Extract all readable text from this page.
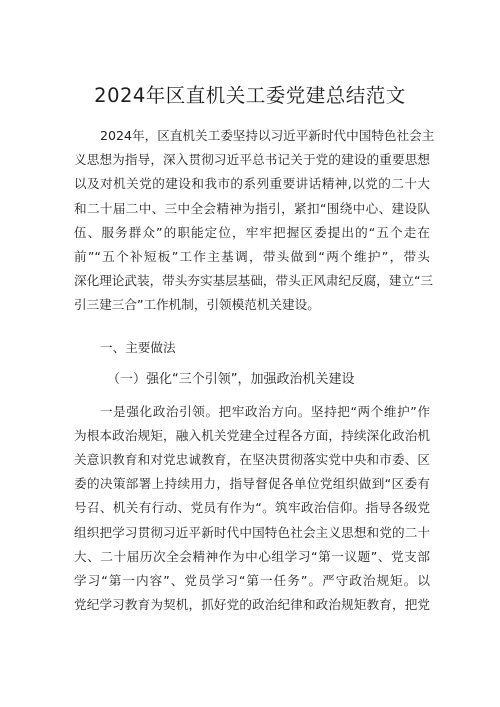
2024年区直机关工委党建总结范文
2024年，区直机关工委坚持以习近平新时代中国特色社会主
义思想为指导，深入贯彻习近平总书记关于党的建设的重要思想
以及对机关党的建设和我市的系列重要讲话精神,以党的二十大
和二十届二中、三中全会精神为指引，紧扣“围绕中心、建设队
伍、服务群众”的职能定位，牢牢把握区委提出的“五个走在
前”“五个补短板”工作主基调，带头做到“两个维护”，带头
深化理论武装，带头夯实基层基础，带头正风肃纪反腐，建立“三
引三建三合”工作机制，引领模范机关建设。
一、主要做法
（一）强化“三个引领”，加强政治机关建设
一是强化政治引领。把牢政治方向。坚持把“两个维护”作
为根本政治规矩，融入机关党建全过程各方面，持续深化政治机
关意识教育和对党忠诚教育，在坚决贯彻落实党中央和市委、区
委的决策部署上持续用力，指导督促各单位党组织做到“区委有
号召、机关有行动、党员有作为“。筑牢政治信仰。指导各级党
组织把学习贯彻习近平新时代中国特色社会主义思想和党的二十
大、二十届历次全会精神作为中心组学习“第一议题”、党支部
学习“第一内容”、党员学习“第一任务”。严守政治规矩。以
党纪学习教育为契机，抓好党的政治纪律和政治规矩教育，把党
